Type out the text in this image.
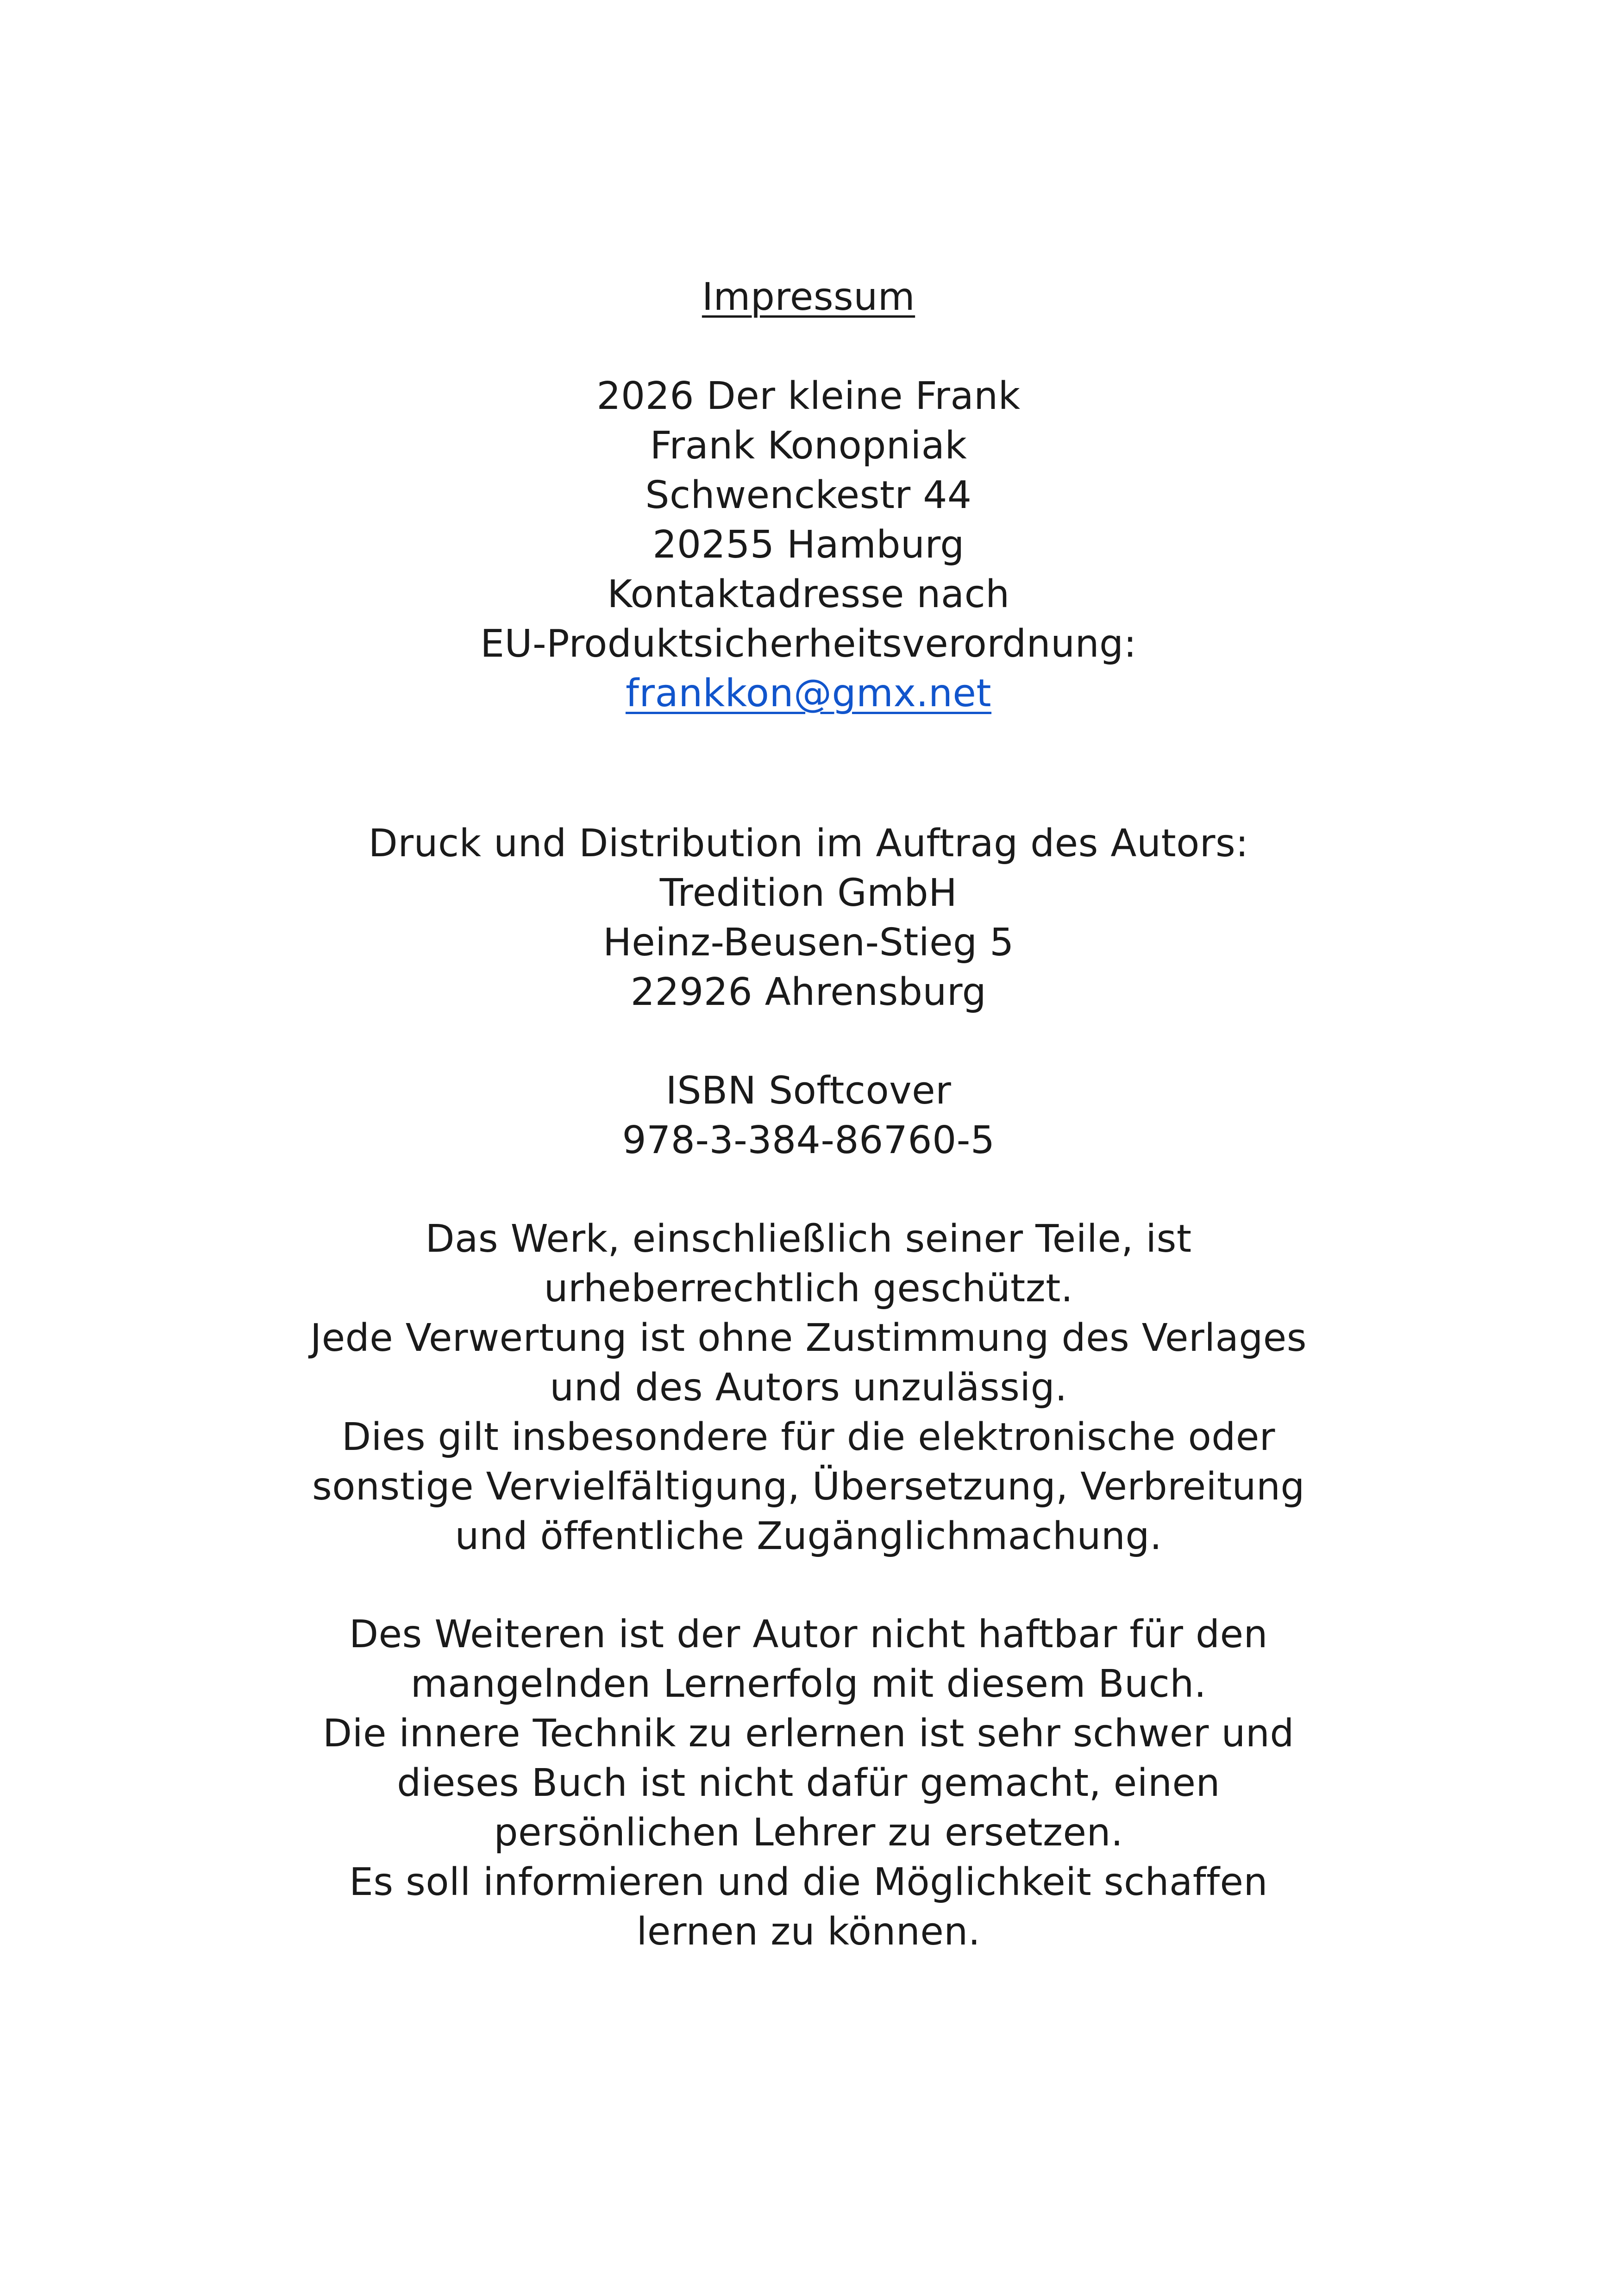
Impressum
2026 Der kleine Frank
Frank Konopniak
Schwenckestr 44
20255 Hamburg
Kontaktadresse nach
EU-Produktsicherheitsverordnung:
frankkon@gmx.net
Druck und Distribution im Auftrag des Autors:
Tredition GmbH
Heinz-Beusen-Stieg 5
22926 Ahrensburg
ISBN Softcover
978-3-384-86760-5
Das Werk, einschließlich seiner Teile, ist
urheberrechtlich geschützt.
Jede Verwertung ist ohne Zustimmung des Verlages
und des Autors unzulässig.
Dies gilt insbesondere für die elektronische oder
sonstige Vervielfältigung, Übersetzung, Verbreitung
und öffentliche Zugänglichmachung.
Des Weiteren ist der Autor nicht haftbar für den
mangelnden Lernerfolg mit diesem Buch.
Die innere Technik zu erlernen ist sehr schwer und
dieses Buch ist nicht dafür gemacht, einen
persönlichen Lehrer zu ersetzen.
Es soll informieren und die Möglichkeit schaffen
lernen zu können.
